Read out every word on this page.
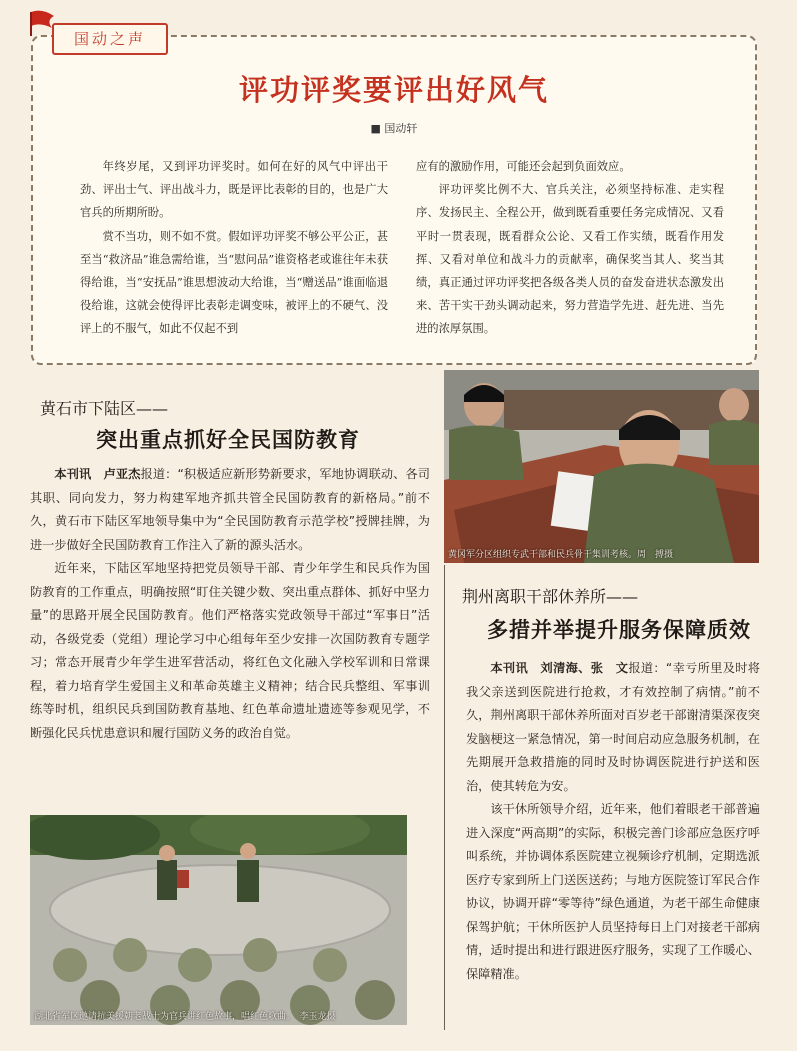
国动之声
评功评奖要评出好风气
■ 国动轩

年终岁尾，又到评功评奖时。如何在好的风气中评出干劲、评出士气、评出战斗力，既是评比表彰的目的，也是广大官兵的所期所盼。

赏不当功，则不如不赏。假如评功评奖不够公平公正，甚至当“救济品”谁急需给谁，当“慰问品”谁资格老或谁往年未获得给谁，当“安抚品”谁思想波动大给谁，当“赠送品”谁面临退役给谁，这就会使得评比表彰走调变味，被评上的不硬气、没评上的不服气，如此不仅起不到

应有的激励作用，可能还会起到负面效应。

评功评奖比例不大、官兵关注，必须坚持标准、走实程序、发扬民主、全程公开，做到既看重要任务完成情况、又看平时一贯表现，既看群众公论、又看工作实绩，既看作用发挥、又看对单位和战斗力的贡献率，确保奖当其人、奖当其绩，真正通过评功评奖把各级各类人员的奋发奋进状态激发出来、苦干实干劲头调动起来，努力营造学先进、赶先进、当先进的浓厚氛围。

黄石市下陆区——
突出重点抓好全民国防教育

本刊讯　卢亚杰报道：“积极适应新形势新要求，军地协调联动、各司其职、同向发力，努力构建军地齐抓共管全民国防教育的新格局。”前不久，黄石市下陆区军地领导集中为“全民国防教育示范学校”授牌挂牌，为进一步做好全民国防教育工作注入了新的源头活水。

近年来，下陆区军地坚持把党员领导干部、青少年学生和民兵作为国防教育的工作重点，明确按照“盯住关键少数、突出重点群体、抓好中坚力量”的思路开展全民国防教育。他们严格落实党政领导干部过“军事日”活动，各级党委（党组）理论学习中心组每年至少安排一次国防教育专题学习；常态开展青少年学生进军营活动，将红色文化融入学校军训和日常课程，着力培育学生爱国主义和革命英雄主义精神；结合民兵整组、军事训练等时机，组织民兵到国防教育基地、红色革命遗址遗迹等参观见学，不断强化民兵忧患意识和履行国防义务的政治自觉。

黄冈军分区组织专武干部和民兵骨干集训考核。周　搏摄
荆州离职干部休养所——
多措并举提升服务保障质效

本刊讯　刘清海、张　文报道：“幸亏所里及时将我父亲送到医院进行抢救，才有效控制了病情。”前不久，荆州离职干部休养所面对百岁老干部谢清渠深夜突发脑梗这一紧急情况，第一时间启动应急服务机制，在先期展开急救措施的同时及时协调医院进行护送和医治，使其转危为安。

该干休所领导介绍，近年来，他们着眼老干部普遍进入深度“两高期”的实际，积极完善门诊部应急医疗呼叫系统，并协调体系医院建立视频诊疗机制，定期选派医疗专家到所上门送医送药；与地方医院签订军民合作协议，协调开辟“零等待”绿色通道，为老干部生命健康保驾护航；干休所医护人员坚持每日上门对接老干部病情，适时提出和进行跟进医疗服务，实现了工作暖心、保障精准。

湖北省军区邀请抗美援朝老战士为官兵讲红色故事，唱红色歌曲。　李玉龙摄
